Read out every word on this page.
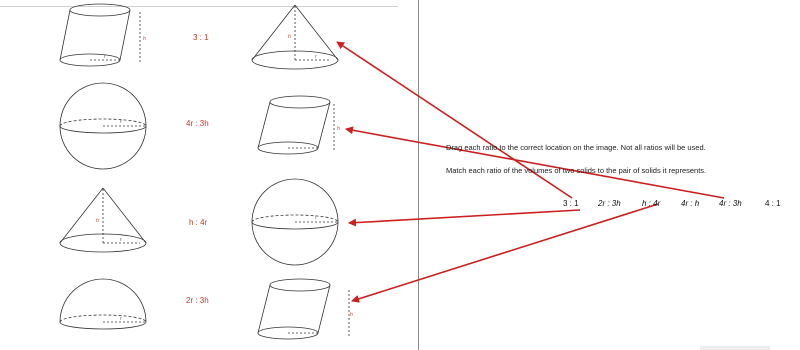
h
r
h
r
r
h
h
r
r
r
h
3 : 1
4r : 3h
h : 4r
2r : 3h
Drag each ratio to the correct location on the image. Not all ratios will be used.
Match each ratio of the volumes of two solids to the pair of solids it represents.
3 : 1 2r : 3h	h : 4r	4r : h 4r : 3h	4 : 1
